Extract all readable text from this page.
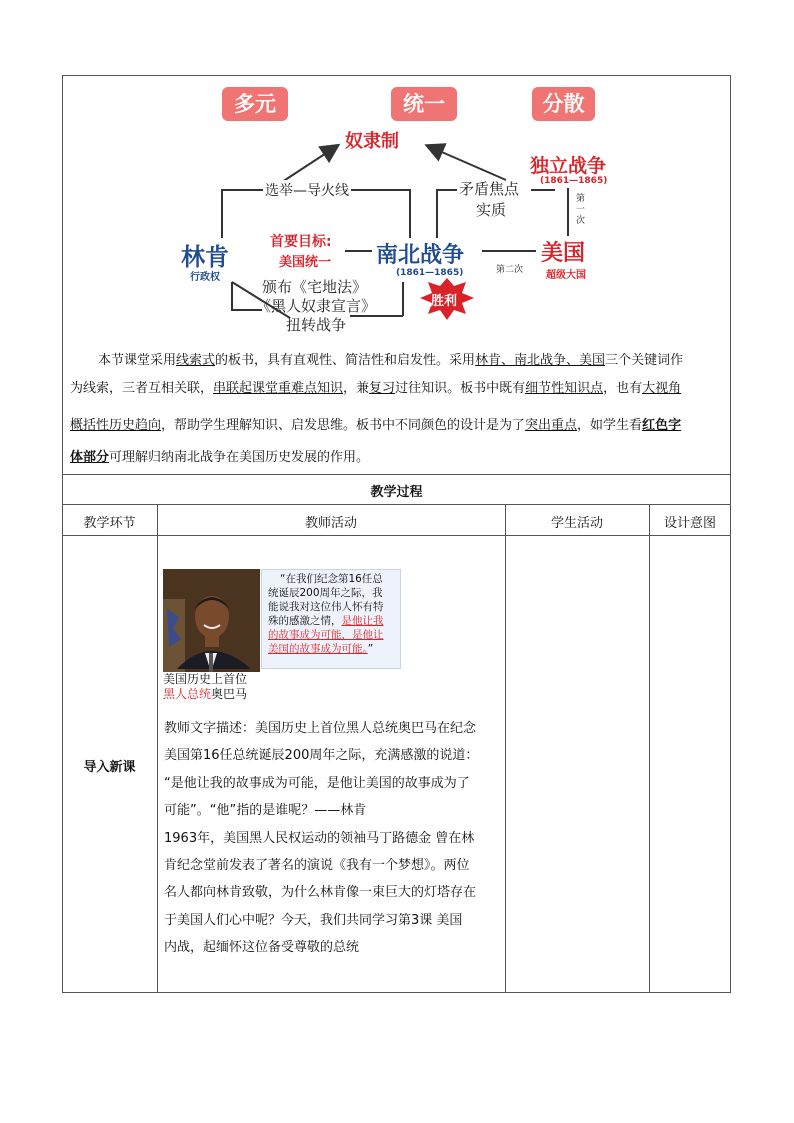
多元	统一	分散
奴隶制
选举—导火线	矛盾焦点
实质
独立战争
(1861—1865)
第一次
林肯
行政权
首要目标:
美国统一 南北战争
(1861—1865)	第二次
美国
超级大国
颁布《宅地法》
《黑人奴隶宣言》
扭转战争
胜利

本节课堂采用线索式的板书，具有直观性、简洁性和启发性。采用林肯、南北战争、美国三个关键词作

为线索，三者互相关联，串联起课堂重难点知识，兼复习过往知识。板书中既有细节性知识点，也有大视角

概括性历史趋向，帮助学生理解知识、启发思维。板书中不同颜色的设计是为了突出重点，如学生看红色字

体部分可理解归纳南北战争在美国历史发展的作用。

教学过程
教学环节	教师活动	学生活动	设计意图
导入新课
“在我们纪念第16任总
统诞辰200周年之际，我
能说我对这位伟人怀有特
殊的感激之情，是他让我
的故事成为可能，是他让
美国的故事成为可能。”
美国历史上首位
黑人总统奥巴马

教师文字描述：美国历史上首位黑人总统奥巴马在纪念

美国第16任总统诞辰200周年之际，充满感激的说道：

“是他让我的故事成为可能，是他让美国的故事成为了

可能”。“他”指的是谁呢？——林肯

1963年，美国黑人民权运动的领袖马丁路德金 曾在林

肯纪念堂前发表了著名的演说《我有一个梦想》。两位

名人都向林肯致敬，为什么林肯像一束巨大的灯塔存在

于美国人们心中呢？今天，我们共同学习第3课 美国

内战，起缅怀这位备受尊敬的总统
